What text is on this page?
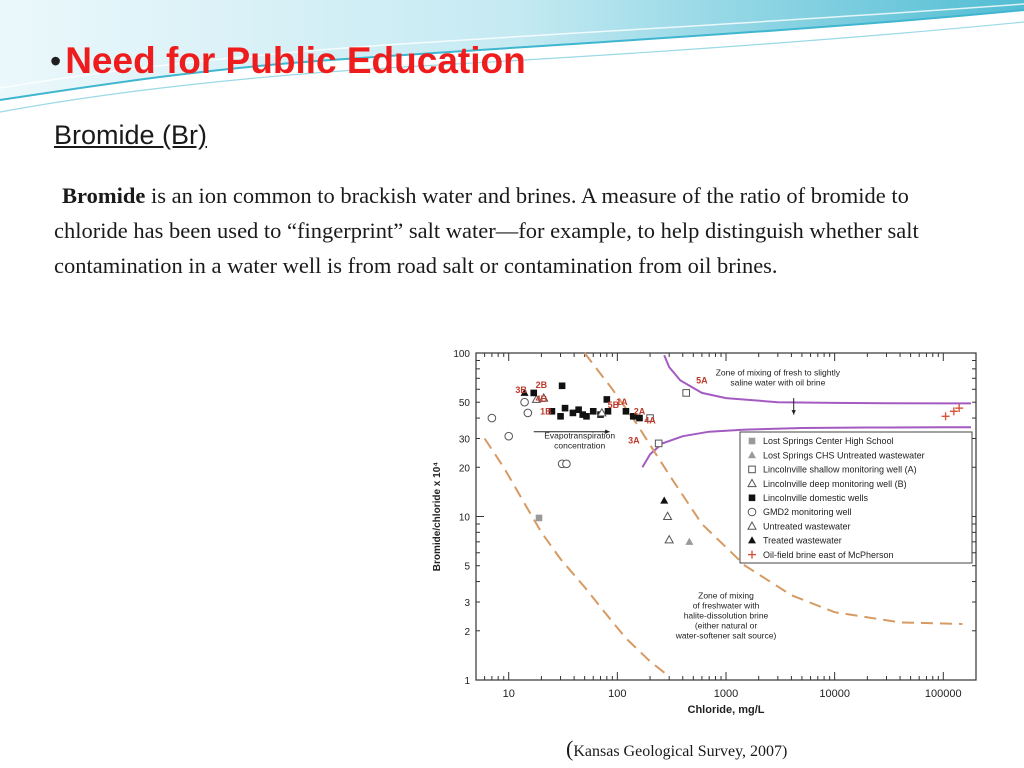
• Need for Public Education
Bromide (Br)
Bromide is an ion common to brackish water and brines. A measure of the ratio of bromide to chloride has been used to “fingerprint” salt water—for example, to help distinguish whether salt contamination in a water well is from road salt or contamination from oil brines.
10	100	1000	10000	100000
1
2
3
5
10
20
30
50
100
Chloride, mg/L
Bromide/chloride x 10⁴
Zone of mixing of fresh to slightly saline water with oil brine
Evapotranspiration concentration
Zone of mixing of freshwater with halite-dissolution brine (either natural or water-softener salt source)
3B 2B
4B
1B
5B
1A
2A
4A
3A
5A
Lost Springs Center High School
Lost Springs CHS Untreated wastewater
Lincolnville shallow monitoring well (A)
Lincolnville deep monitoring well (B)
Lincolnville domestic wells
GMD2 monitoring well
Untreated wastewater
Treated wastewater
Oil-field brine east of McPherson
(Kansas Geological Survey, 2007)
